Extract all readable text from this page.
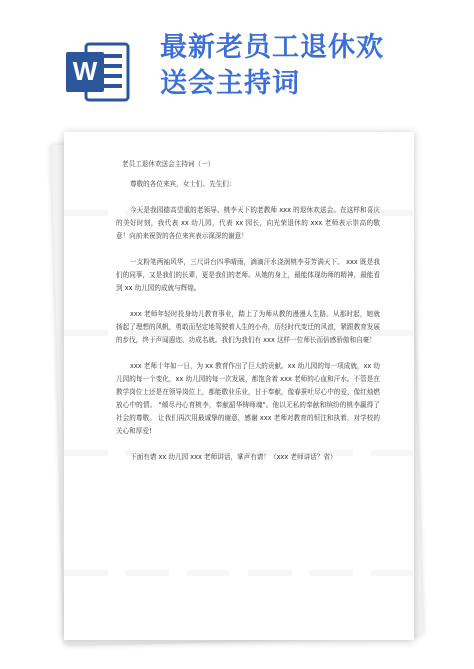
W
最新老员工退休欢
送会主持词
老员工退休欢送会主持词（一）

尊敬的各位来宾，女士们、先生们：

今天是我园德高望重的老领导、桃李天下的老教师 xxx 的退休欢送会。在这样和喜庆的美好时刻，我代表 xx 幼儿园，代表 xx 园长，向光荣退休的 xxx 老师表示崇高的敬意！向前来祝贺的各位来宾表示深深的谢意！

一支粉笔两袖风华，三尺讲台四季晴雨，滴滴汗水浇润桃李芬芳满天下。 xxx 既是我们的同事，又是我们的长辈，更是我们的老师。从她的身上，最能体现幼师的精神，最能看到 xx 幼儿园的成就与辉煌。

xxx 老师年轻时投身幼儿教育事业，踏上了为师从教的漫漫人生路。从那时起，她就扬起了理想的风帆，勇敢而坚定地驾驶着人生的小舟，历经时代变迁的风浪，紧跟教育发展的步伐，终于声闻遐迩、功成名就。我们为我们有 xxx 这样一位师长而倍感骄傲和自豪！

xxx 老师十年如一日，为 xx 教育作出了巨大的贡献。xx 幼儿园的每一项成就，xx 幼儿园的每一个变化，xx 幼儿园的每一次发展，都饱含着 xxx 老师的心血和汗水。不管是在教学岗位上还是在领导岗位上，都能敬业乐业，甘于奉献，像春蚕吐尽心中的爱，像红烛燃放心中的情。 "倾尽丹心育桃李，奉献韶华铸师魂"。他以无私的奉献和缤纷的桃李赢得了社会的尊敬。 让我们再次用最诚挚的谢意，感谢 xxx 老师对教育的恒注和执着，对学校的关心和厚爱!

下面有请 xx 幼儿园 xxx 老师讲话，掌声有请！（xxx 老师讲话？省）
